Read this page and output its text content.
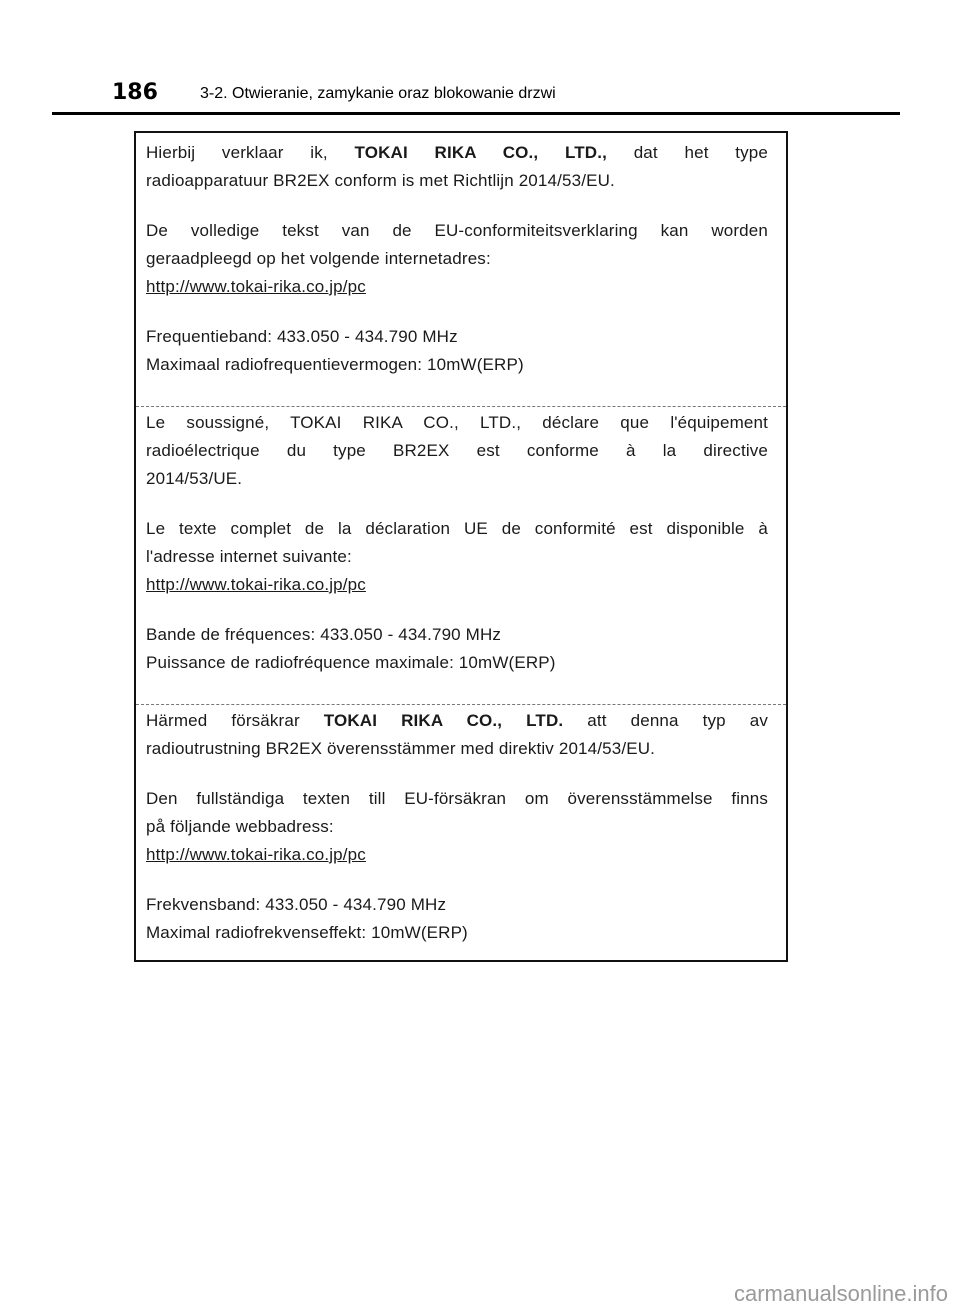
186	3-2. Otwieranie, zamykanie oraz blokowanie drzwi

Hierbij verklaar ik, TOKAI RIKA CO., LTD., dat het type

radioapparatuur BR2EX conform is met Richtlijn 2014/53/EU.

De volledige tekst van de EU-conformiteitsverklaring kan worden

geraadpleegd op het volgende internetadres:

http://www.tokai-rika.co.jp/pc

Frequentieband: 433.050 - 434.790 MHz

Maximaal radiofrequentievermogen: 10mW(ERP)

Le soussigné, TOKAI RIKA CO., LTD., déclare que l'équipement

radioélectrique du type BR2EX est conforme à la directive

2014/53/UE.

Le texte complet de la déclaration UE de conformité est disponible à

l'adresse internet suivante:

http://www.tokai-rika.co.jp/pc

Bande de fréquences: 433.050 - 434.790 MHz

Puissance de radiofréquence maximale: 10mW(ERP)

Härmed försäkrar TOKAI RIKA CO., LTD. att denna typ av

radioutrustning BR2EX överensstämmer med direktiv 2014/53/EU.

Den fullständiga texten till EU-försäkran om överensstämmelse finns

på följande webbadress:

http://www.tokai-rika.co.jp/pc

Frekvensband: 433.050 - 434.790 MHz

Maximal radiofrekvenseffekt: 10mW(ERP)

carmanualsonline.info
